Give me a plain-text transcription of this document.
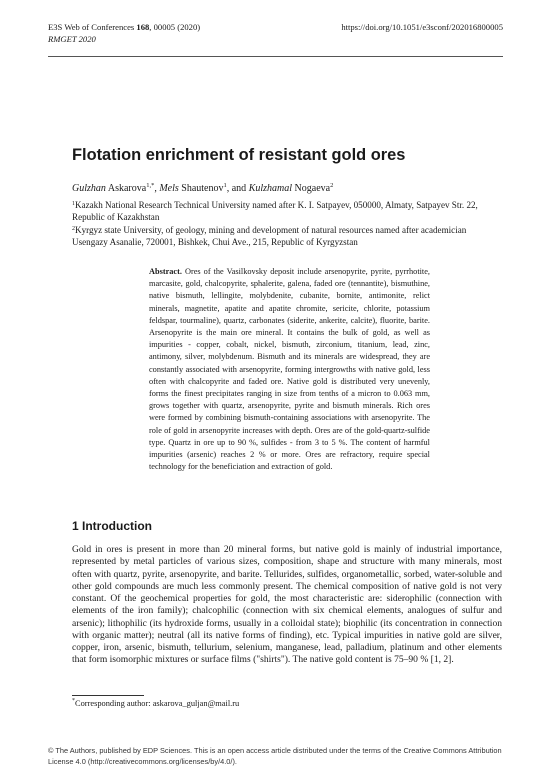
E3S Web of Conferences 168, 00005 (2020)	https://doi.org/10.1051/e3sconf/202016800005
RMGET 2020
Flotation enrichment of resistant gold ores
Gulzhan Askarova$^{1,*}$, Mels Shautenov$^1$, and Kulzhamal Nogaeva$^2$

$^1$Kazakh National Research Technical University named after K. I. Satpayev, 050000, Almaty, Satpayev Str. 22, Republic of Kazakhstan

$^2$Kyrgyz state University, of geology, mining and development of natural resources named after academician Usengazy Asanalie, 720001, Bishkek, Chui Ave., 215, Republic of Kyrgyzstan

Abstract. Ores of the Vasilkovsky deposit include arsenopyrite, pyrite, pyrrhotite, marcasite, gold, chalcopyrite, sphalerite, galena, faded ore (tennantite), bismuthine, native bismuth, lellingite, molybdenite, cubanite, bornite, antimonite, relict minerals, magnetite, apatite and apatite chromite, sericite, chlorite, potassium feldspar, tourmaline), quartz, carbonates (siderite, ankerite, calcite), fluorite, barite. Arsenopyrite is the main ore mineral. It contains the bulk of gold, as well as impurities - copper, cobalt, nickel, bismuth, zirconium, titanium, lead, zinc, antimony, silver, molybdenum. Bismuth and its minerals are widespread, they are constantly associated with arsenopyrite, forming intergrowths with native gold, less often with chalcopyrite and faded ore. Native gold is distributed very unevenly, forms the finest precipitates ranging in size from tenths of a micron to 0.063 mm, grows together with quartz, arsenopyrite, pyrite and bismuth minerals. Rich ores were formed by combining bismuth-containing associations with arsenopyrite. The role of gold in arsenopyrite increases with depth. Ores are of the gold-quartz-sulfide type. Quartz in ore up to 90 %, sulfides - from 3 to 5 %. The content of harmful impurities (arsenic) reaches 2 % or more. Ores are refractory, require special technology for the beneficiation and extraction of gold.
1 Introduction
Gold in ores is present in more than 20 mineral forms, but native gold is mainly of industrial importance, represented by metal particles of various sizes, composition, shape and structure with many minerals, most often with quartz, pyrite, arsenopyrite, and barite. Tellurides, sulfides, organometallic, sorbed, water-soluble and other gold compounds are much less commonly present. The chemical composition of native gold is not very constant. Of the geochemical properties for gold, the most characteristic are: siderophilic (connection with elements of the iron family); chalcophilic (connection with six chemical elements, analogues of sulfur and arsenic); lithophilic (its hydroxide forms, usually in a colloidal state); biophilic (its concentration in connection with organic matter); neutral (all its native forms of finding), etc. Typical impurities in native gold are silver, copper, iron, arsenic, bismuth, tellurium, selenium, manganese, lead, palladium, platinum and other elements that form isomorphic mixtures or surface films ("shirts"). The native gold content is 75–90 % [1, 2].
*Corresponding author: askarova_guljan@mail.ru
© The Authors, published by EDP Sciences. This is an open access article distributed under the terms of the Creative Commons Attribution License 4.0 (http://creativecommons.org/licenses/by/4.0/).
